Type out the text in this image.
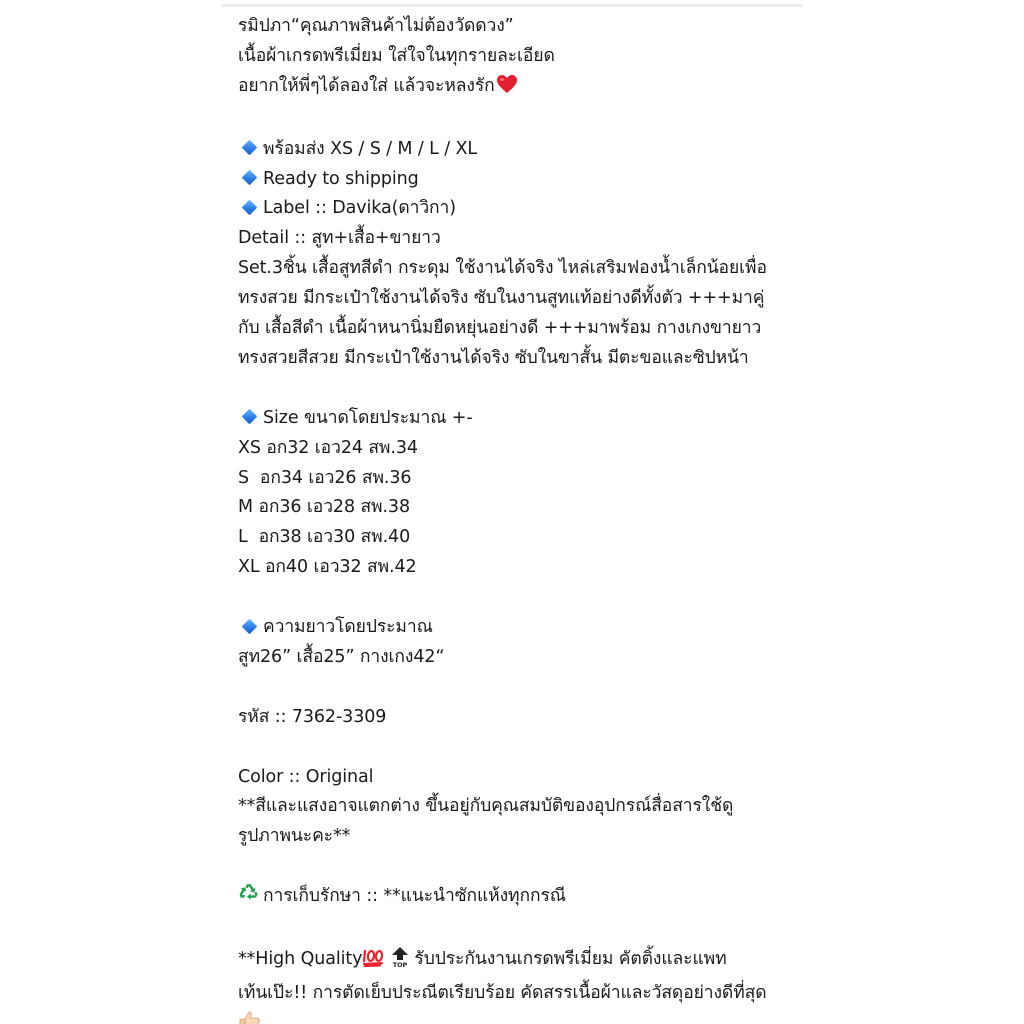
รมิปภา“คุณภาพสินค้าไม่ต้องวัดดวง”
เนื้อผ้าเกรดพรีเมี่ยม ใส่ใจในทุกรายละเอียด
อยากให้พี่ๆได้ลองใส่ แล้วจะหลงรัก
พร้อมส่ง XS / S / M / L / XL
Ready to shipping
Label :: Davika(ดาวิกา)
Detail :: สูท+เสื้อ+ขายาว
Set.3ชิ้น เสื้อสูทสีดำ กระดุม ใช้งานได้จริง ไหล่เสริมฟองน้ำเล็กน้อยเพื่อ
ทรงสวย มีกระเป๋าใช้งานได้จริง ซับในงานสูทแท้อย่างดีทั้งตัว +++มาคู่
กับ เสื้อสีดำ เนื้อผ้าหนานิ่มยืดหยุ่นอย่างดี +++มาพร้อม กางเกงขายาว
ทรงสวยสีสวย มีกระเป๋าใช้งานได้จริง ซับในขาสั้น มีตะขอและซิปหน้า
Size ขนาดโดยประมาณ +-
XS อก32 เอว24 สพ.34
S  อก34 เอว26 สพ.36
M อก36 เอว28 สพ.38
L  อก38 เอว30 สพ.40
XL อก40 เอว32 สพ.42
ความยาวโดยประมาณ
สูท26” เสื้อ25” กางเกง42“
รหัส :: 7362-3309
Color :: Original
**สีและแสงอาจแตกต่าง ขึ้นอยู่กับคุณสมบัติของอุปกรณ์สื่อสารใช้ดู
รูปภาพนะคะ**
การเก็บรักษา :: **แนะนำซักแห้งทุกกรณี
**High Quality	TOP รับประกันงานเกรดพรีเมี่ยม คัตติ้งและแพท
เท้นเป๊ะ!! การตัดเย็บประณีตเรียบร้อย คัดสรรเนื้อผ้าและวัสดุอย่างดีที่สุด
